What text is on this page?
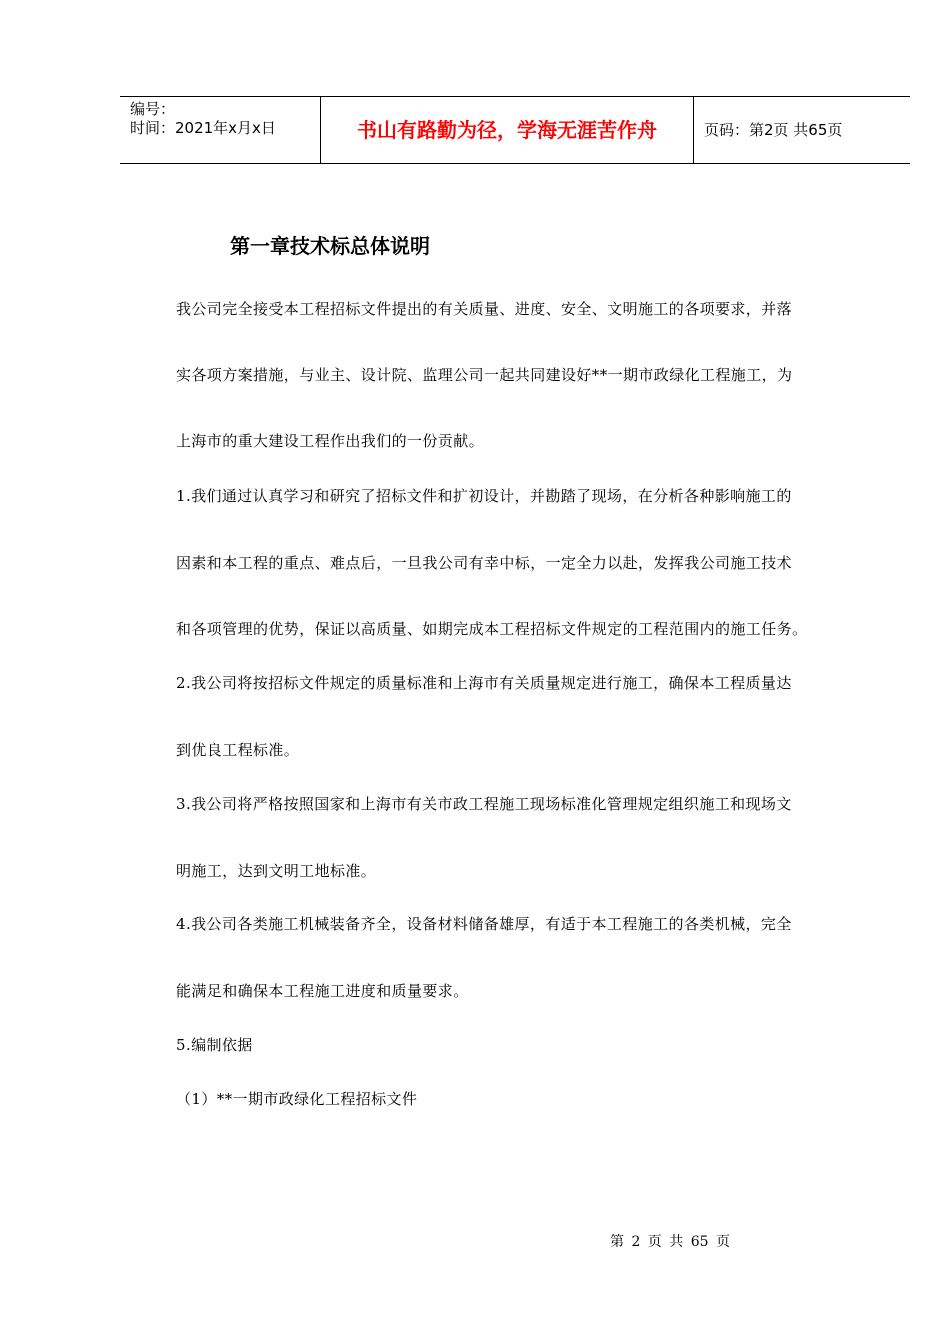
编号：
时间：2021年x月x日	书山有路勤为径，学海无涯苦作舟	页码：第2页 共65页
第一章技术标总体说明
我公司完全接受本工程招标文件提出的有关质量、进度、安全、文明施工的各项要求，并落
实各项方案措施，与业主、设计院、监理公司一起共同建设好**一期市政绿化工程施工，为
上海市的重大建设工程作出我们的一份贡献。
1.我们通过认真学习和研究了招标文件和扩初设计，并勘踏了现场，在分析各种影响施工的
因素和本工程的重点、难点后，一旦我公司有幸中标，一定全力以赴，发挥我公司施工技术
和各项管理的优势，保证以高质量、如期完成本工程招标文件规定的工程范围内的施工任务。
2.我公司将按招标文件规定的质量标准和上海市有关质量规定进行施工，确保本工程质量达
到优良工程标准。
3.我公司将严格按照国家和上海市有关市政工程施工现场标准化管理规定组织施工和现场文
明施工，达到文明工地标准。
4.我公司各类施工机械装备齐全，设备材料储备雄厚，有适于本工程施工的各类机械，完全
能满足和确保本工程施工进度和质量要求。
5.编制依据
（1）**一期市政绿化工程招标文件
第 2 页 共 65 页
